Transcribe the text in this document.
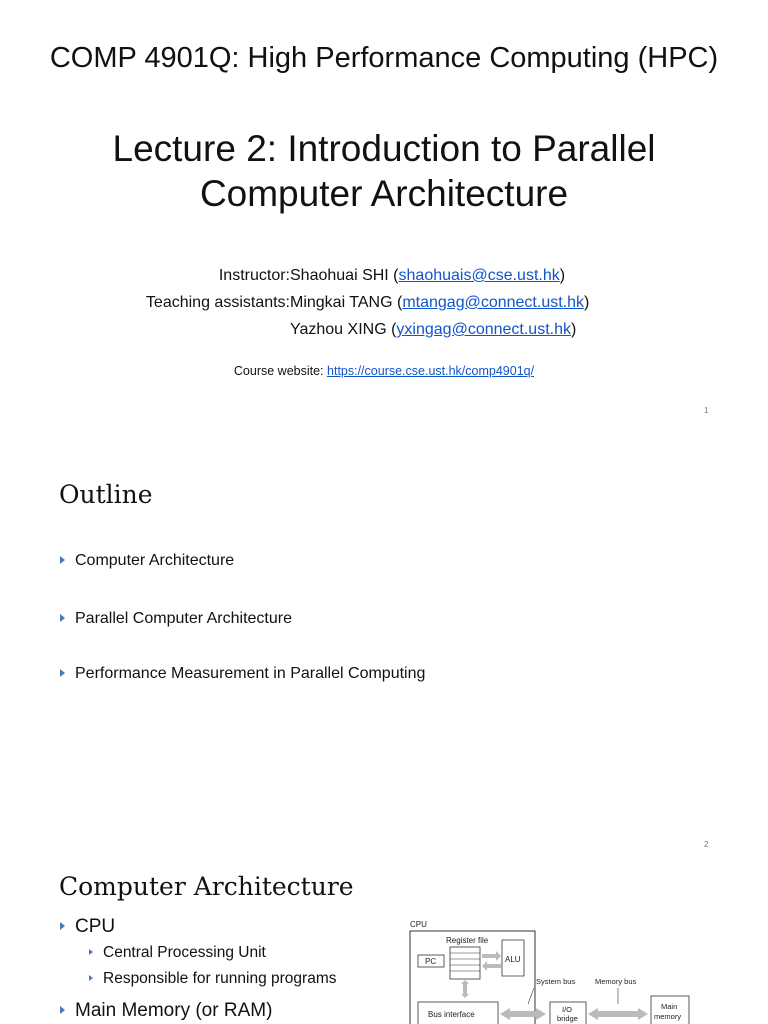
COMP 4901Q: High Performance Computing (HPC)
Lecture 2: Introduction to Parallel
Computer Architecture
Instructor: Shaohuai SHI (shaohuais@cse.ust.hk)
Teaching assistants: Mingkai TANG (mtangag@connect.ust.hk)
Yazhou XING (yxingag@connect.ust.hk)
Course website: https://course.cse.ust.hk/comp4901q/
1
Outline
Computer Architecture
Parallel Computer Architecture
Performance Measurement in Parallel Computing
2
Computer Architecture
CPU
Central Processing Unit
Responsible for running programs
Main Memory (or RAM)
CPU
Register file
PC	ALU
Bus interface
System bus
I/O
bridge
Memory bus
Main
memory
